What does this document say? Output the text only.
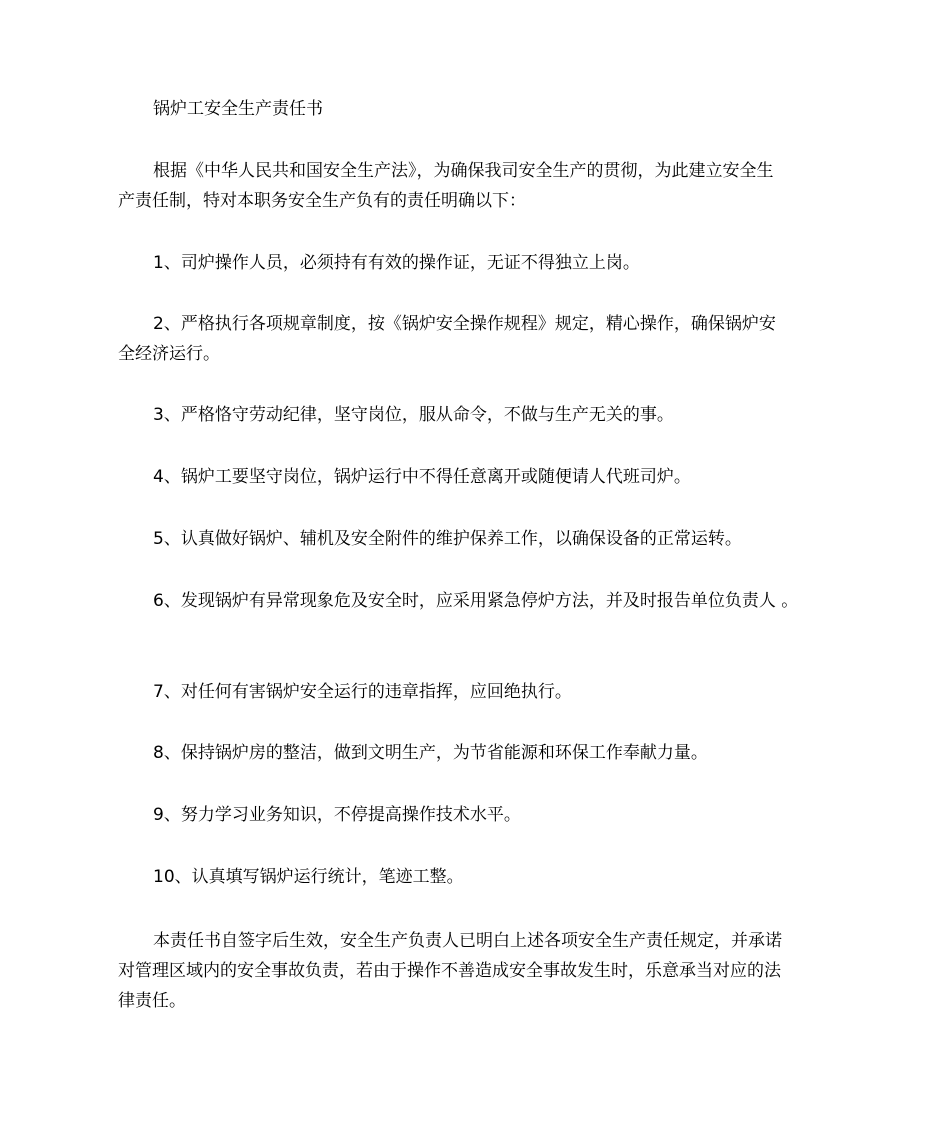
锅炉工安全生产责任书
根据《中华人民共和国安全生产法》，为确保我司安全生产的贯彻，为此建立安全生
产责任制，特对本职务安全生产负有的责任明确以下：
1、司炉操作人员，必须持有有效的操作证，无证不得独立上岗。
2、严格执行各项规章制度，按《锅炉安全操作规程》规定，精心操作，确保锅炉安
全经济运行。
3、严格恪守劳动纪律，坚守岗位，服从命令，不做与生产无关的事。
4、锅炉工要坚守岗位，锅炉运行中不得任意离开或随便请人代班司炉。
5、认真做好锅炉、辅机及安全附件的维护保养工作，以确保设备的正常运转。
6、发现锅炉有异常现象危及安全时，应采用紧急停炉方法，并及时报告单位负责人 。
7、对任何有害锅炉安全运行的违章指挥，应回绝执行。
8、保持锅炉房的整洁，做到文明生产，为节省能源和环保工作奉献力量。
9、努力学习业务知识，不停提高操作技术水平。
10、认真填写锅炉运行统计，笔迹工整。
本责任书自签字后生效，安全生产负责人已明白上述各项安全生产责任规定，并承诺
对管理区域内的安全事故负责，若由于操作不善造成安全事故发生时，乐意承当对应的法
律责任。
